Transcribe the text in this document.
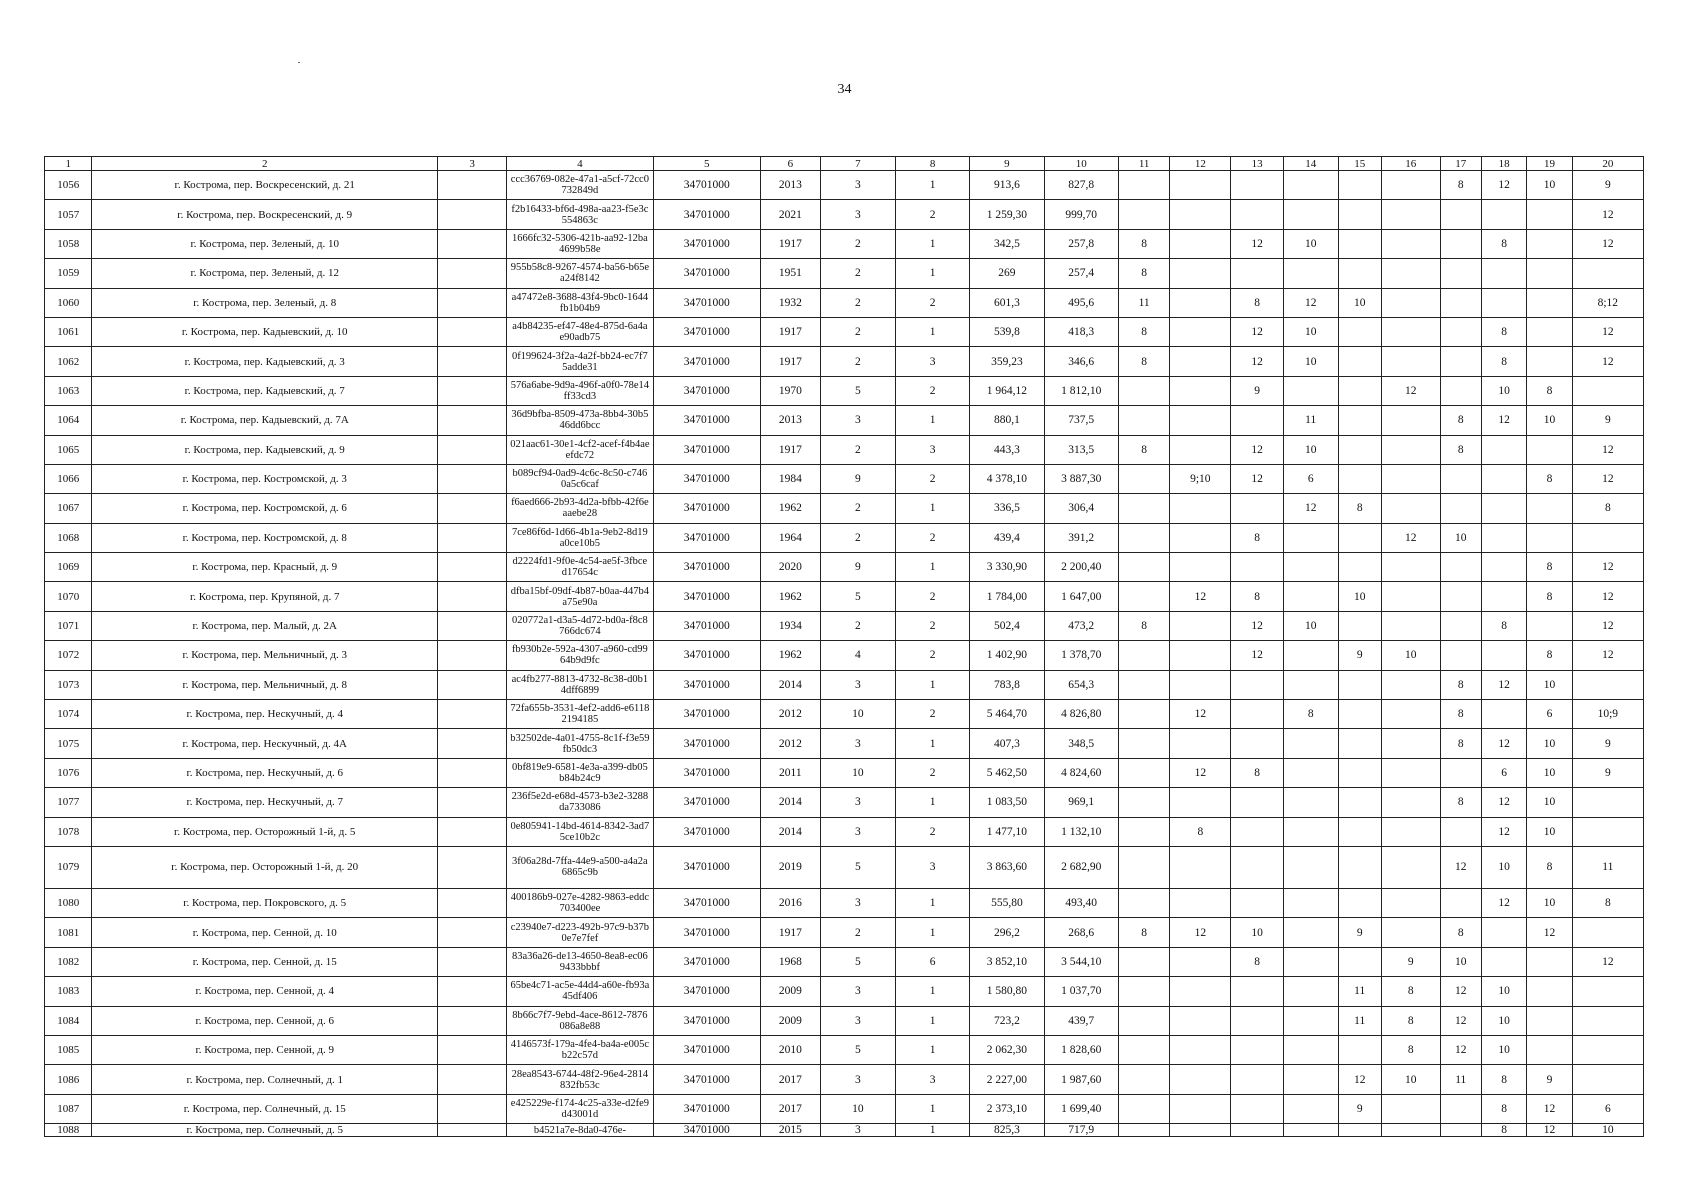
34
1	2	3	4	5	6	7	8	9	10	11	12	13	14	15	16	17	18	19	20
1056	г. Кострома, пер. Воскресенский, д. 21		ccc36769-082e-47a1-a5cf-72cc0732849d	34701000	2013	3	1	913,6	827,8							8	12	10	9
1057	г. Кострома, пер. Воскресенский, д. 9		f2b16433-bf6d-498a-aa23-f5e3c554863c	34701000	2021	3	2	1 259,30	999,70										12
1058	г. Кострома, пер. Зеленый, д. 10		1666fc32-5306-421b-aa92-12ba4699b58e	34701000	1917	2	1	342,5	257,8	8		12	10				8		12
1059	г. Кострома, пер. Зеленый, д. 12		955b58c8-9267-4574-ba56-b65ea24f8142	34701000	1951	2	1	269	257,4	8									
1060	г. Кострома, пер. Зеленый, д. 8		a47472e8-3688-43f4-9bc0-1644fb1b04b9	34701000	1932	2	2	601,3	495,6	11		8	12	10					8;12
1061	г. Кострома, пер. Кадыевский, д. 10		a4b84235-ef47-48e4-875d-6a4ae90adb75	34701000	1917	2	1	539,8	418,3	8		12	10				8		12
1062	г. Кострома, пер. Кадыевский, д. 3		0f199624-3f2a-4a2f-bb24-ec7f75adde31	34701000	1917	2	3	359,23	346,6	8		12	10				8		12
1063	г. Кострома, пер. Кадыевский, д. 7		576a6abe-9d9a-496f-a0f0-78e14ff33cd3	34701000	1970	5	2	1 964,12	1 812,10			9			12		10	8	
1064	г. Кострома, пер. Кадыевский, д. 7А		36d9bfba-8509-473a-8bb4-30b546dd6bcc	34701000	2013	3	1	880,1	737,5				11			8	12	10	9
1065	г. Кострома, пер. Кадыевский, д. 9		021aac61-30e1-4cf2-acef-f4b4aeefdc72	34701000	1917	2	3	443,3	313,5	8		12	10			8			12
1066	г. Кострома, пер. Костромской, д. 3		b089cf94-0ad9-4c6c-8c50-c7460a5c6caf	34701000	1984	9	2	4 378,10	3 887,30		9;10	12	6					8	12
1067	г. Кострома, пер. Костромской, д. 6		f6aed666-2b93-4d2a-bfbb-42f6eaaebe28	34701000	1962	2	1	336,5	306,4				12	8					8
1068	г. Кострома, пер. Костромской, д. 8		7ce86f6d-1d66-4b1a-9eb2-8d19a0ce10b5	34701000	1964	2	2	439,4	391,2			8			12	10			
1069	г. Кострома, пер. Красный, д. 9		d2224fd1-9f0e-4c54-ae5f-3fbced17654c	34701000	2020	9	1	3 330,90	2 200,40									8	12
1070	г. Кострома, пер. Крупяной, д. 7		dfba15bf-09df-4b87-b0aa-447b4a75e90a	34701000	1962	5	2	1 784,00	1 647,00		12	8		10				8	12
1071	г. Кострома, пер. Малый, д. 2А		020772a1-d3a5-4d72-bd0a-f8c8766dc674	34701000	1934	2	2	502,4	473,2	8		12	10				8		12
1072	г. Кострома, пер. Мельничный, д. 3		fb930b2e-592a-4307-a960-cd9964b9d9fc	34701000	1962	4	2	1 402,90	1 378,70			12		9	10			8	12
1073	г. Кострома, пер. Мельничный, д. 8		ac4fb277-8813-4732-8c38-d0b14dff6899	34701000	2014	3	1	783,8	654,3							8	12	10	
1074	г. Кострома, пер. Нескучный, д. 4		72fa655b-3531-4ef2-add6-e61182194185	34701000	2012	10	2	5 464,70	4 826,80		12		8			8		6	10;9
1075	г. Кострома, пер. Нескучный, д. 4А		b32502de-4a01-4755-8c1f-f3e59fb50dc3	34701000	2012	3	1	407,3	348,5							8	12	10	9
1076	г. Кострома, пер. Нескучный, д. 6		0bf819e9-6581-4e3a-a399-db05b84b24c9	34701000	2011	10	2	5 462,50	4 824,60		12	8					6	10	9
1077	г. Кострома, пер. Нескучный, д. 7		236f5e2d-e68d-4573-b3e2-3288da733086	34701000	2014	3	1	1 083,50	969,1							8	12	10	
1078	г. Кострома, пер. Осторожный 1-й, д. 5		0e805941-14bd-4614-8342-3ad75ce10b2c	34701000	2014	3	2	1 477,10	1 132,10		8						12	10	
1079	г. Кострома, пер. Осторожный 1-й, д. 20		3f06a28d-7ffa-44e9-a500-a4a2a6865c9b	34701000	2019	5	3	3 863,60	2 682,90							12	10	8	11
1080	г. Кострома, пер. Покровского, д. 5		400186b9-027e-4282-9863-eddc703400ee	34701000	2016	3	1	555,80	493,40								12	10	8
1081	г. Кострома, пер. Сенной, д. 10		c23940e7-d223-492b-97c9-b37b0e7e7fef	34701000	1917	2	1	296,2	268,6	8	12	10		9		8		12	
1082	г. Кострома, пер. Сенной, д. 15		83a36a26-de13-4650-8ea8-ec069433bbbf	34701000	1968	5	6	3 852,10	3 544,10			8			9	10			12
1083	г. Кострома, пер. Сенной, д. 4		65be4c71-ac5e-44d4-a60e-fb93a45df406	34701000	2009	3	1	1 580,80	1 037,70					11	8	12	10		
1084	г. Кострома, пер. Сенной, д. 6		8b66c7f7-9ebd-4ace-8612-7876086a8e88	34701000	2009	3	1	723,2	439,7					11	8	12	10		
1085	г. Кострома, пер. Сенной, д. 9		4146573f-179a-4fe4-ba4a-e005cb22c57d	34701000	2010	5	1	2 062,30	1 828,60						8	12	10		
1086	г. Кострома, пер. Солнечный, д. 1		28ea8543-6744-48f2-96e4-2814832fb53c	34701000	2017	3	3	2 227,00	1 987,60					12	10	11	8	9	
1087	г. Кострома, пер. Солнечный, д. 15		e425229e-f174-4c25-a33e-d2fe9d43001d	34701000	2017	10	1	2 373,10	1 699,40					9			8	12	6
1088	г. Кострома, пер. Солнечный, д. 5		b4521a7e-8da0-476e-	34701000	2015	3	1	825,3	717,9								8	12	10
